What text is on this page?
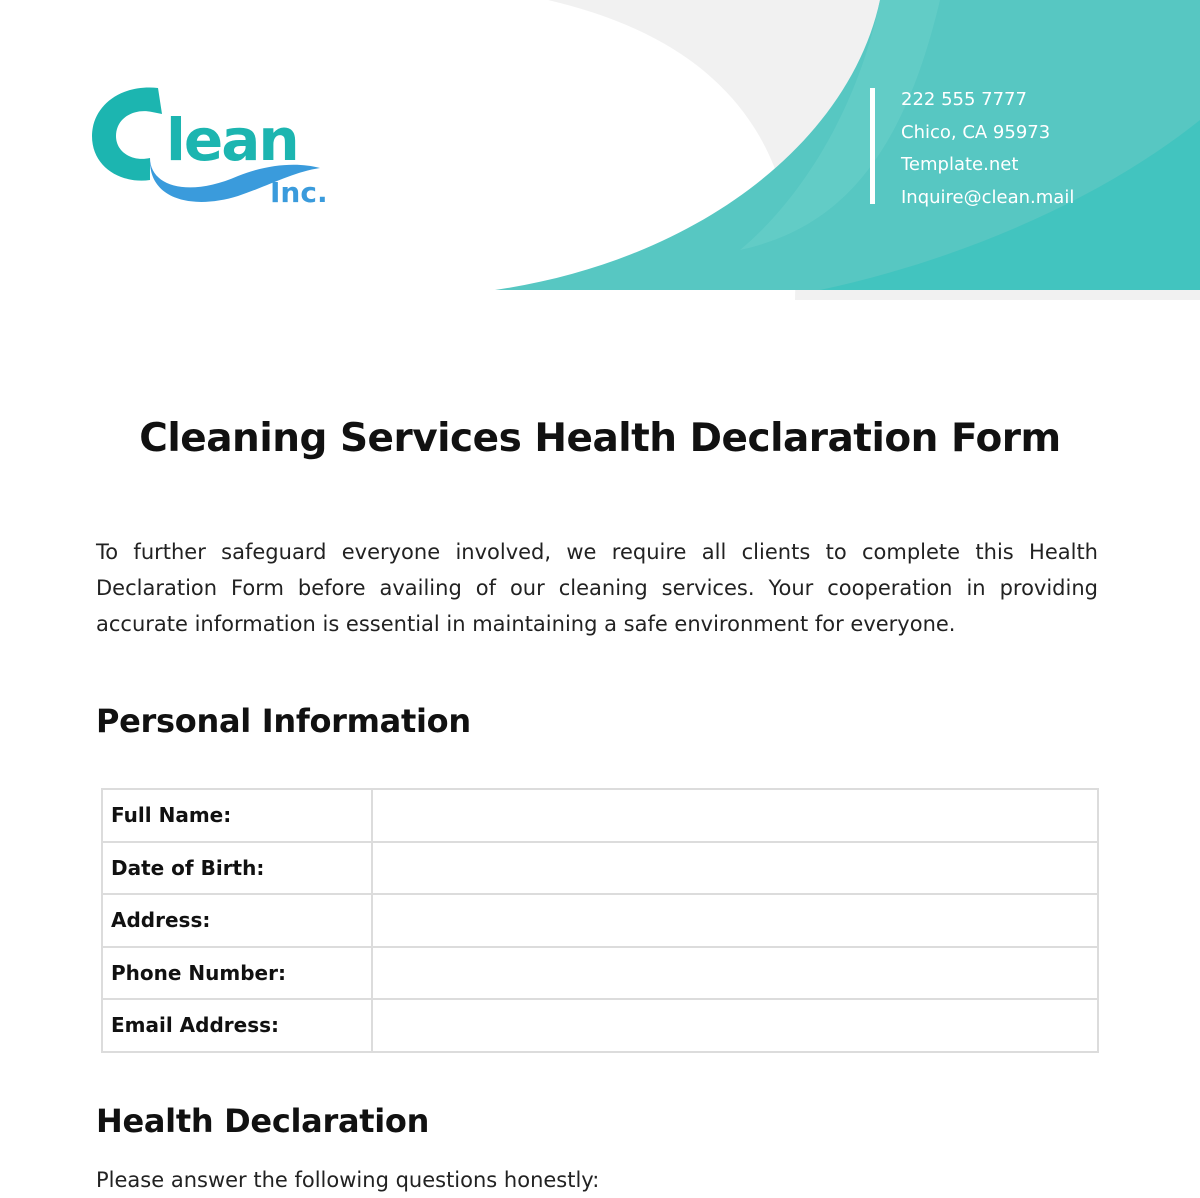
lean
Inc.
222 555 7777
Chico, CA 95973
Template.net
Inquire@clean.mail
Cleaning Services Health Declaration Form

To further safeguard everyone involved, we require all clients to complete this Health Declaration Form before availing of our cleaning services. Your cooperation in providing accurate information is essential in maintaining a safe environment for everyone.

Personal Information
Full Name:	
Date of Birth:	
Address:	
Phone Number:	
Email Address:	
Health Declaration

Please answer the following questions honestly:
